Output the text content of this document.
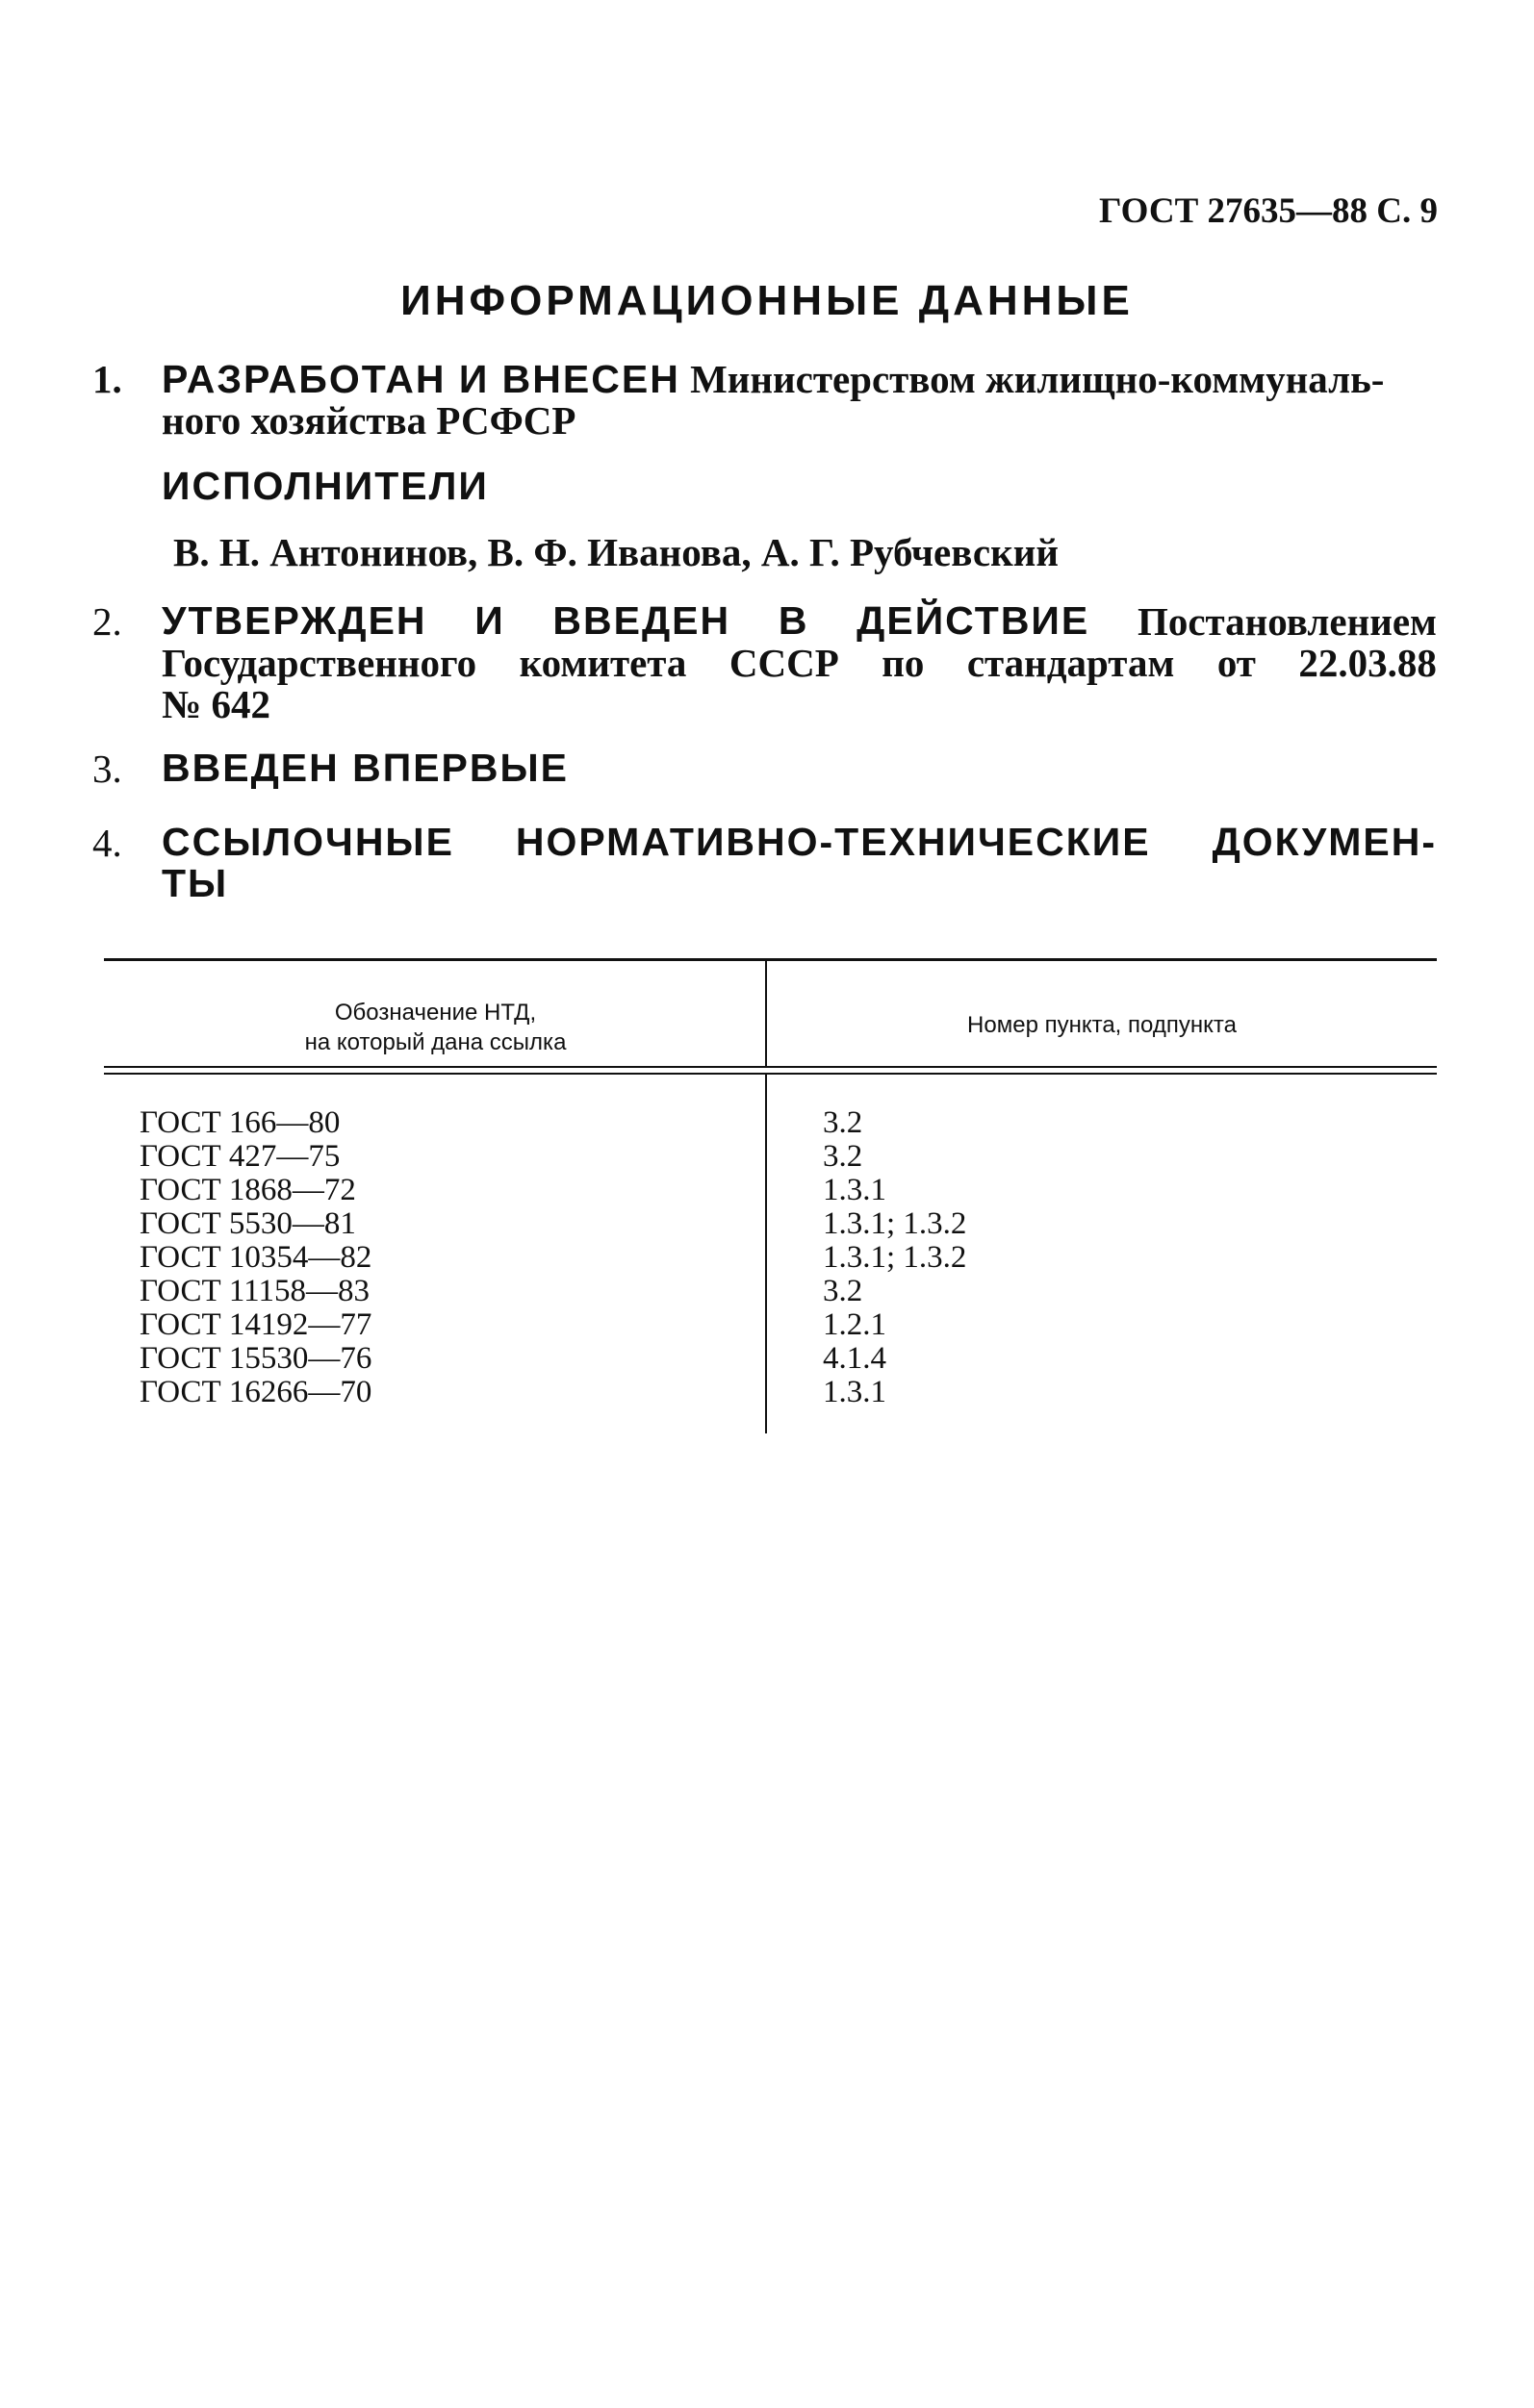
ГОСТ 27635—88 С. 9
ИНФОРМАЦИОННЫЕ ДАННЫЕ
1. РАЗРАБОТАН И ВНЕСЕН Министерством жилищно-коммуналь-
ного хозяйства РСФСР
ИСПОЛНИТЕЛИ
В. Н. Антонинов, В. Ф. Иванова, А. Г. Рубчевский
2. УТВЕРЖДЕН И ВВЕДЕН В ДЕЙСТВИЕ Постановлением
Государственного комитета СССР по стандартам от 22.03.88
№ 642
3. ВВЕДЕН ВПЕРВЫЕ
4. ССЫЛОЧНЫЕ НОРМАТИВНО-ТЕХНИЧЕСКИЕ ДОКУМЕН-
ТЫ
Обозначение НТД,
на который дана ссылка
Номер пункта, подпункта
ГОСТ 166—80
ГОСТ 427—75
ГОСТ 1868—72
ГОСТ 5530—81
ГОСТ 10354—82
ГОСТ 11158—83
ГОСТ 14192—77
ГОСТ 15530—76
ГОСТ 16266—70
3.2
3.2
1.3.1
1.3.1; 1.3.2
1.3.1; 1.3.2
3.2
1.2.1
4.1.4
1.3.1
